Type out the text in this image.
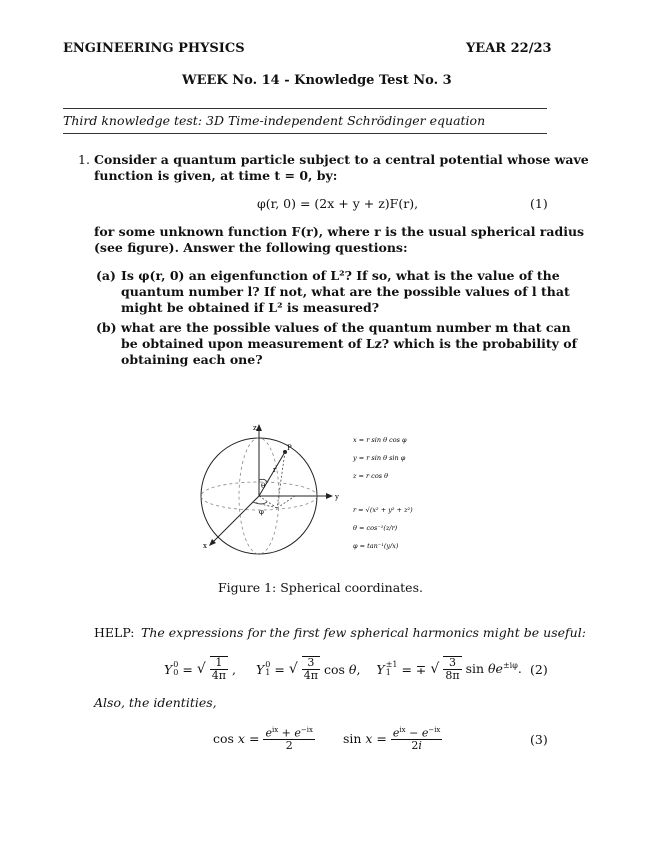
ENGINEERING PHYSICS	YEAR 22/23
WEEK No. 14 - Knowledge Test No. 3
Third knowledge test: 3D Time-independent Schrödinger equation
1. Consider a quantum particle subject to a central potential whose wave
function is given, at time t = 0, by:
φ(r, 0) = (2x + y + z)F(r),	(1)
for some unknown function F(r), where r is the usual spherical radius
(see figure). Answer the following questions:
(a) Is φ(r, 0) an eigenfunction of L²? If so, what is the value of the
quantum number l? If not, what are the possible values of l that
might be obtained if L² is measured?
(b) what are the possible values of the quantum number m that can
be obtained upon measurement of Lz? which is the probability of
obtaining each one?
z
y
x
P
r
θ
φ
x = r sin θ cos φ
y = r sin θ sin φ
z = r cos θ
r = √(x² + y² + z²)
θ = cos⁻¹(z/r)
φ = tan⁻¹(y/x)
Figure 1: Spherical coordinates.
HELP: The expressions for the first few spherical harmonics might be useful:
Y 0
0 = √ $\frac{1}{4\pi}$ , Y 0
1 = √ $\frac{3}{4\pi}$ cos θ, Y ±1
1 = ∓ √ $\frac{3}{8\pi}$ $\sin \theta e^{\pm i\varphi}$. (2)
Also, the identities,
$\cos x = \frac{e^{ix} + e^{-ix}}{2}$ $\sin x = \frac{e^{ix} - e^{-ix}}{2i}$	(3)
